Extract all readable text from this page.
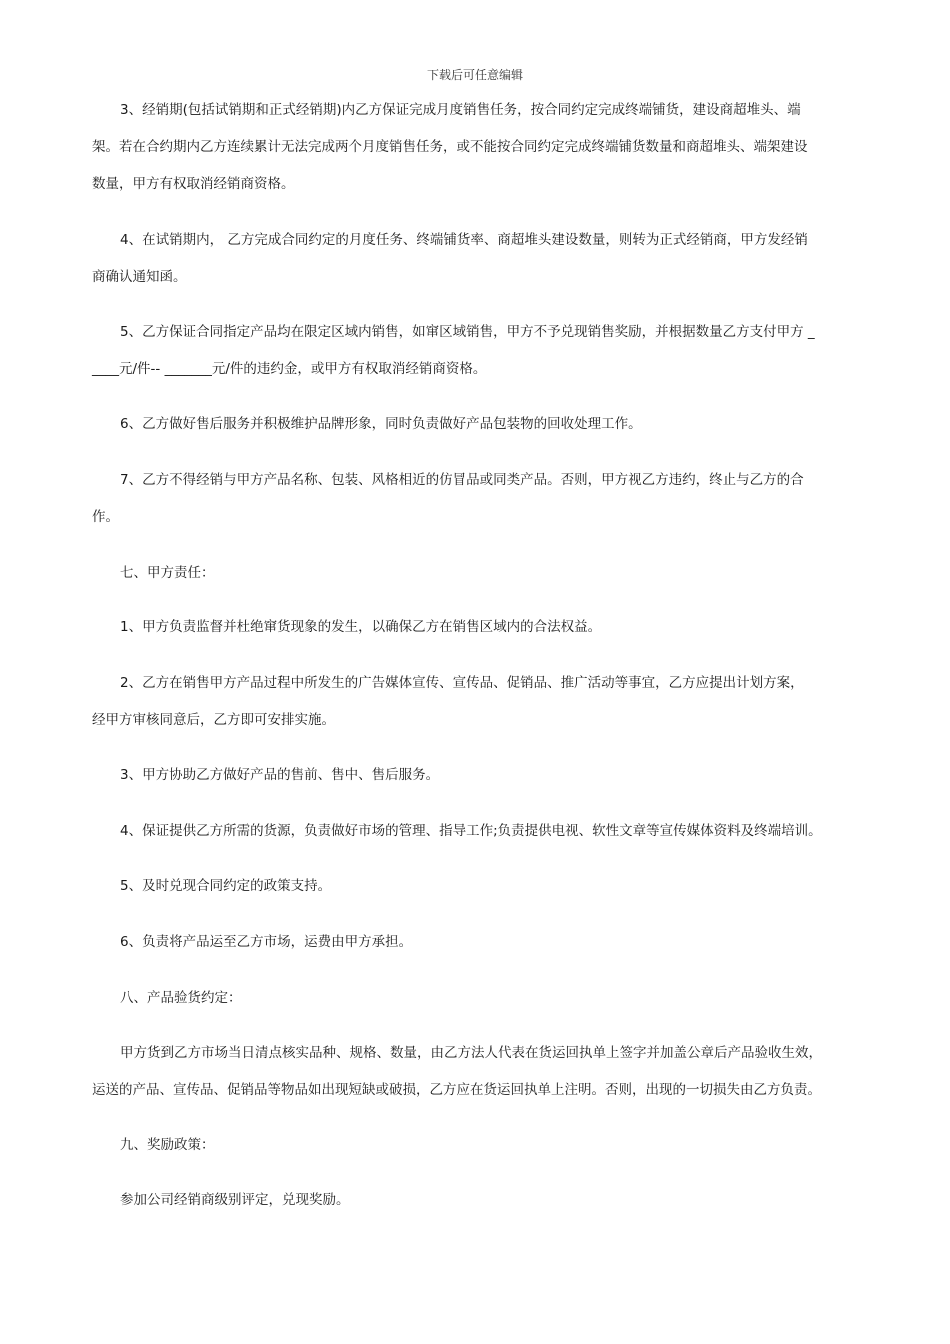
下载后可任意编辑
3、经销期(包括试销期和正式经销期)内乙方保证完成月度销售任务，按合同约定完成终端铺货，建设商超堆头、端
架。若在合约期内乙方连续累计无法完成两个月度销售任务，或不能按合同约定完成终端铺货数量和商超堆头、端架建设
数量，甲方有权取消经销商资格。
4、在试销期内， 乙方完成合同约定的月度任务、终端铺货率、商超堆头建设数量，则转为正式经销商，甲方发经销
商确认通知函。
5、乙方保证合同指定产品均在限定区域内销售，如窜区域销售，甲方不予兑现销售奖励，并根据数量乙方支付甲方 _
____元/件-- _______元/件的违约金，或甲方有权取消经销商资格。
6、乙方做好售后服务并积极维护品牌形象，同时负责做好产品包装物的回收处理工作。
7、乙方不得经销与甲方产品名称、包装、风格相近的仿冒品或同类产品。否则，甲方视乙方违约，终止与乙方的合
作。
七、甲方责任：
1、甲方负责监督并杜绝窜货现象的发生，以确保乙方在销售区域内的合法权益。
2、乙方在销售甲方产品过程中所发生的广告媒体宣传、宣传品、促销品、推广活动等事宜，乙方应提出计划方案，
经甲方审核同意后，乙方即可安排实施。
3、甲方协助乙方做好产品的售前、售中、售后服务。
4、保证提供乙方所需的货源，负责做好市场的管理、指导工作;负责提供电视、软性文章等宣传媒体资料及终端培训。
5、及时兑现合同约定的政策支持。
6、负责将产品运至乙方市场，运费由甲方承担。
八、产品验货约定：
甲方货到乙方市场当日清点核实品种、规格、数量，由乙方法人代表在货运回执单上签字并加盖公章后产品验收生效，
运送的产品、宣传品、促销品等物品如出现短缺或破损，乙方应在货运回执单上注明。否则，出现的一切损失由乙方负责。
九、奖励政策：
参加公司经销商级别评定，兑现奖励。
